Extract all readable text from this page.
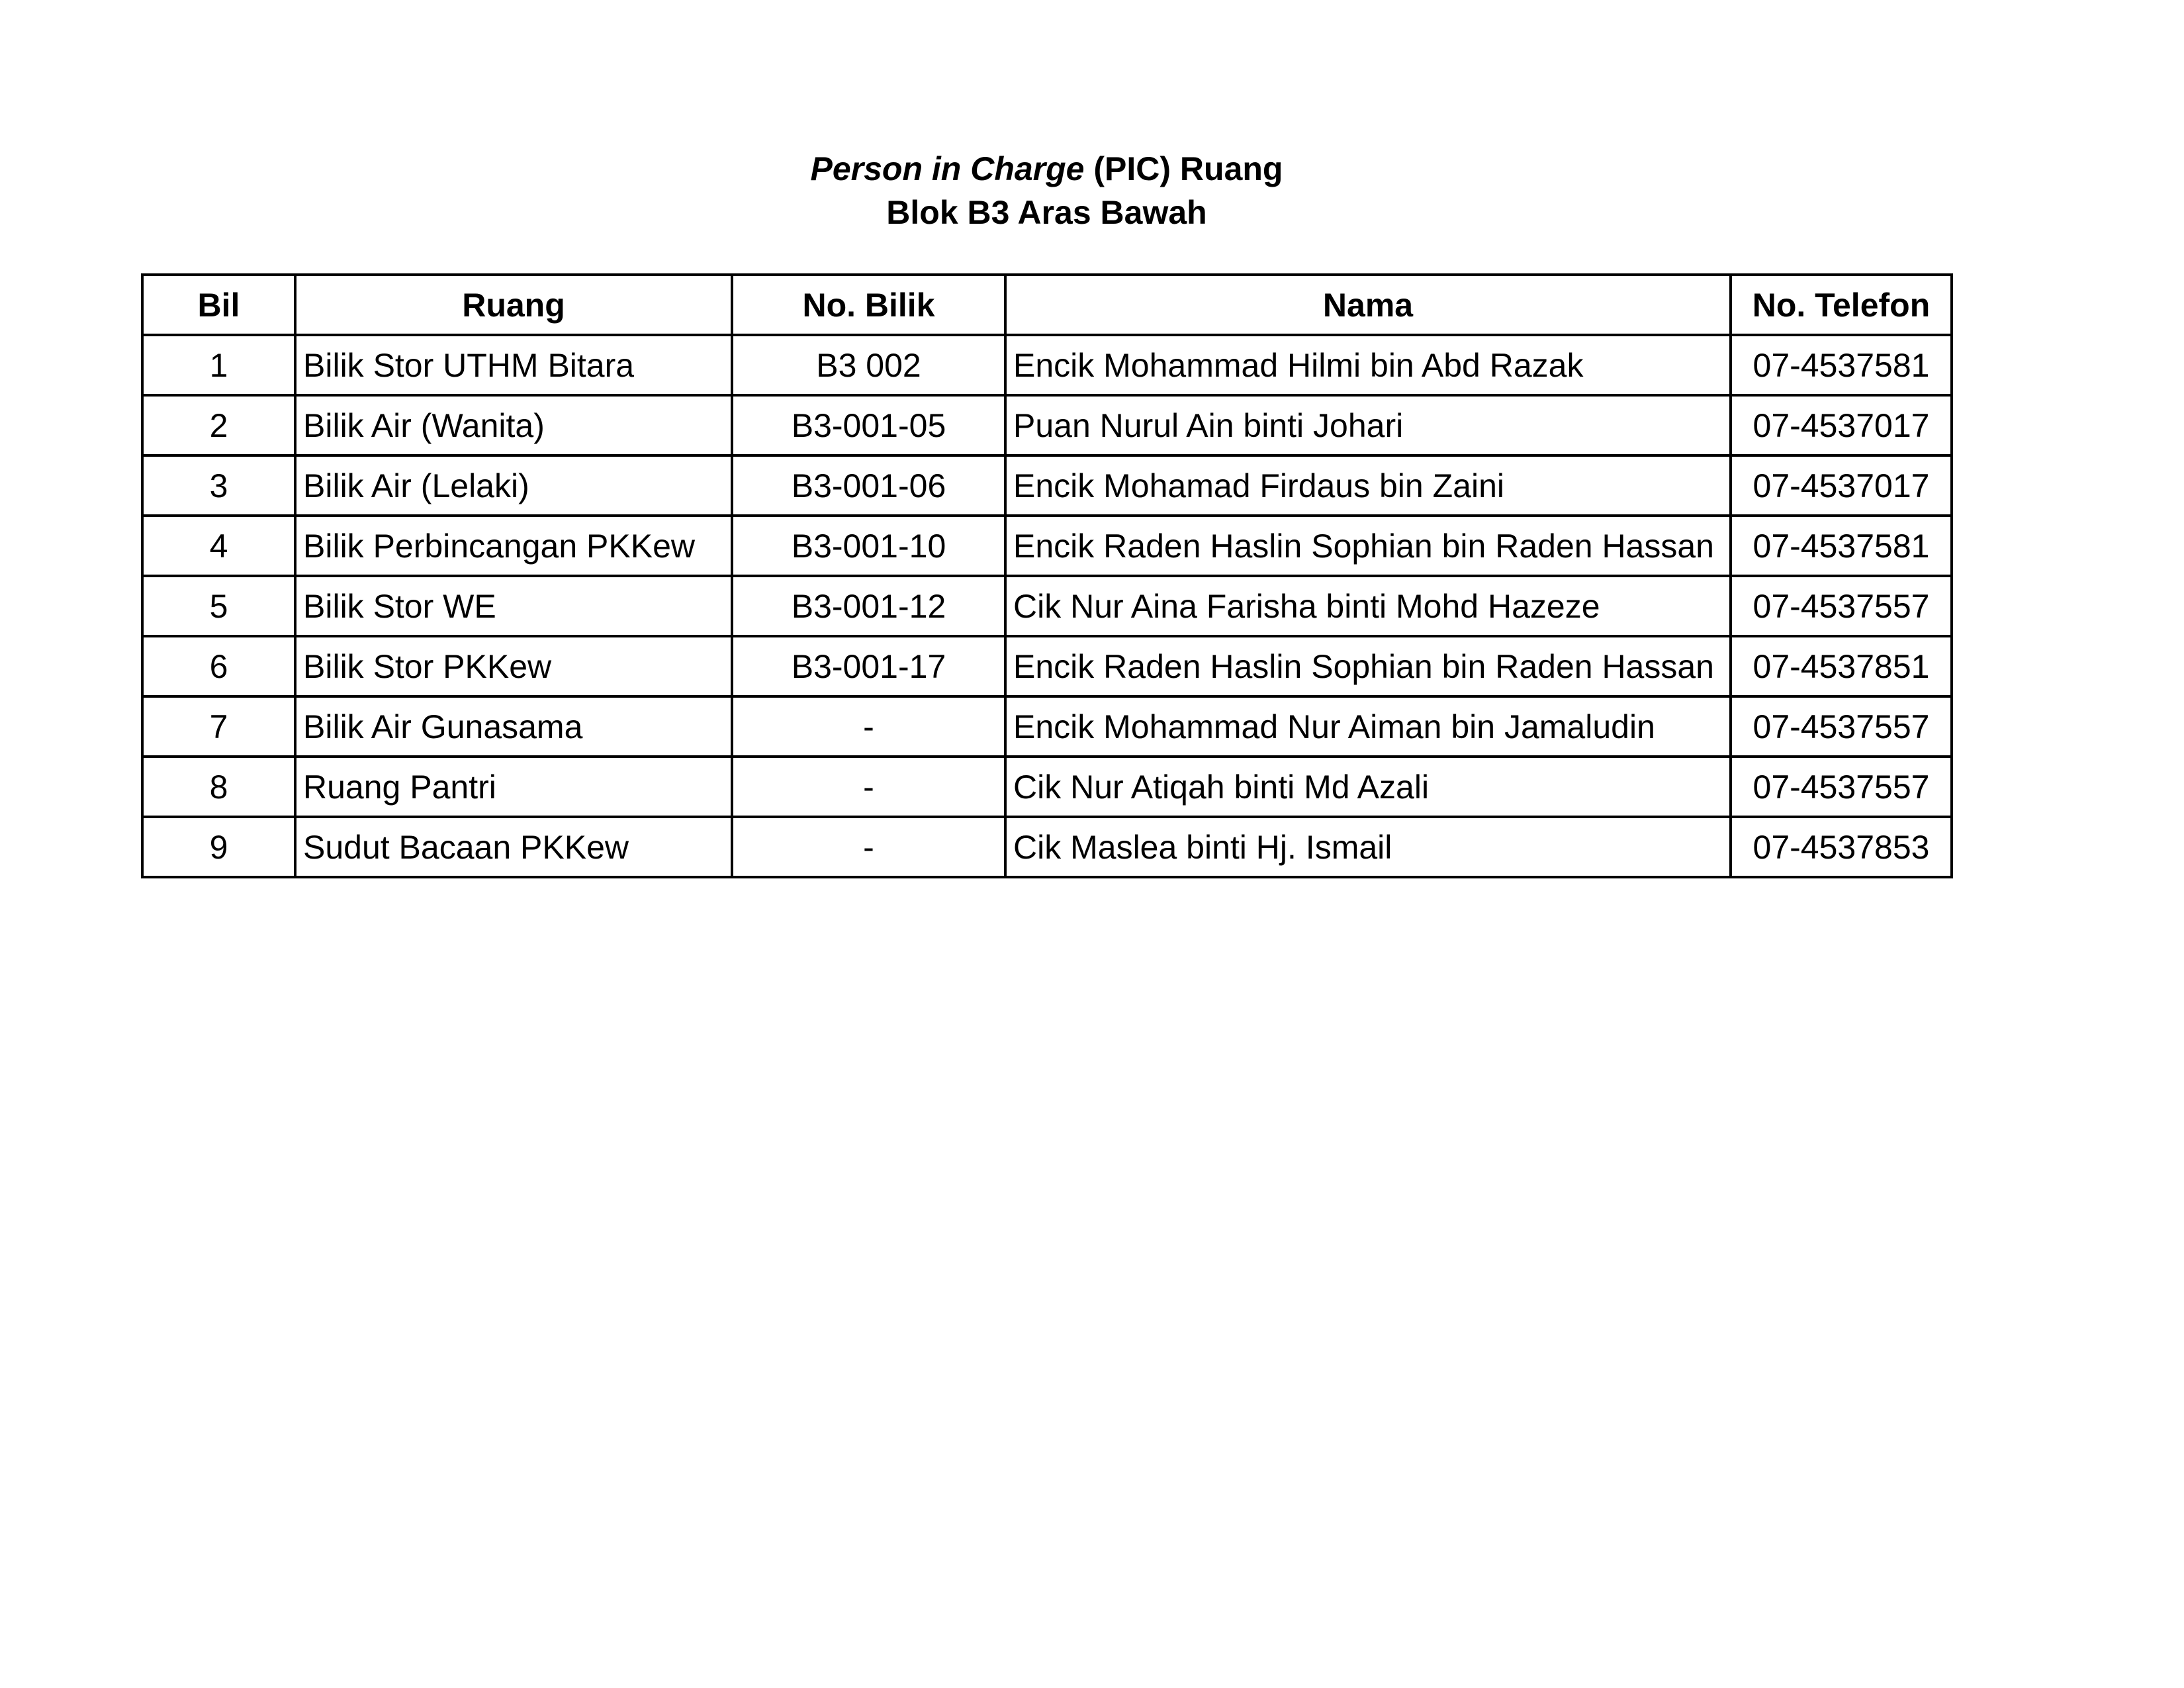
Person in Charge (PIC) Ruang
Blok B3 Aras Bawah
Bil	Ruang	No. Bilik	Nama	No. Telefon
1	Bilik Stor UTHM Bitara	B3 002	Encik Mohammad Hilmi bin Abd Razak	07-4537581
2	Bilik Air (Wanita)	B3-001-05	Puan Nurul Ain binti Johari	07-4537017
3	Bilik Air (Lelaki)	B3-001-06	Encik Mohamad Firdaus bin Zaini	07-4537017
4	Bilik Perbincangan PKKew	B3-001-10	Encik Raden Haslin Sophian bin Raden Hassan	07-4537581
5	Bilik Stor WE	B3-001-12	Cik Nur Aina Farisha binti Mohd Hazeze	07-4537557
6	Bilik Stor PKKew	B3-001-17	Encik Raden Haslin Sophian bin Raden Hassan	07-4537851
7	Bilik Air Gunasama	-	Encik Mohammad Nur Aiman bin Jamaludin	07-4537557
8	Ruang Pantri	-	Cik Nur Atiqah binti Md Azali	07-4537557
9	Sudut Bacaan PKKew	-	Cik Maslea binti Hj. Ismail	07-4537853
